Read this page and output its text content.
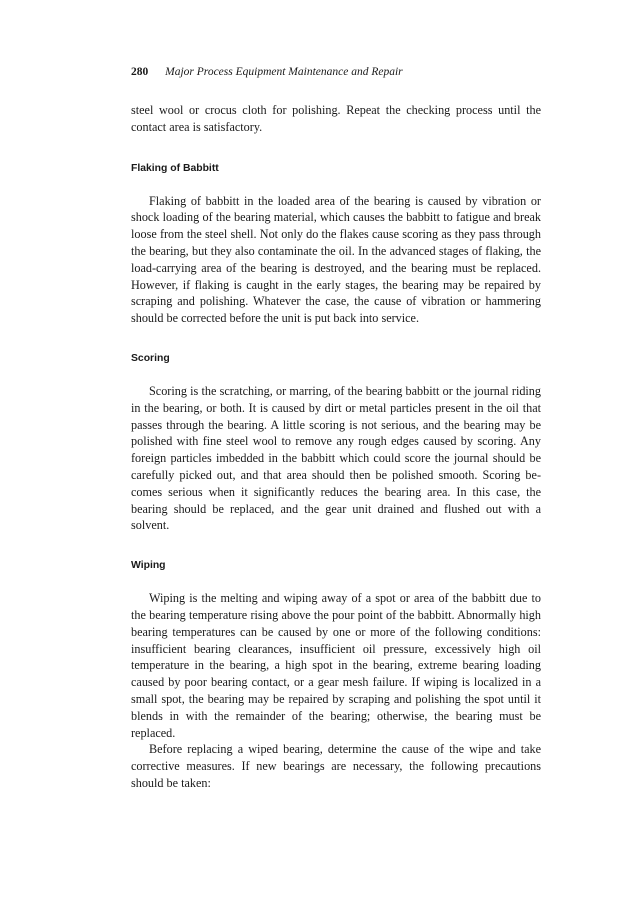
280 Major Process Equipment Maintenance and Repair

steel wool or crocus cloth for polishing. Repeat the checking process until the contact area is satisfactory.

Flaking of Babbitt

Flaking of babbitt in the loaded area of the bearing is caused by vibration or shock loading of the bearing material, which causes the babbitt to fatigue and break loose from the steel shell. Not only do the flakes cause scoring as they pass through the bearing, but they also contaminate the oil. In the advanced stages of flaking, the load-carrying area of the bearing is destroyed, and the bearing must be replaced. However, if flaking is caught in the early stages, the bearing may be repaired by scraping and polishing. Whatever the case, the cause of vibration or hammering should be corrected before the unit is put back into service.

Scoring

Scoring is the scratching, or marring, of the bearing babbitt or the journal riding in the bearing, or both. It is caused by dirt or metal particles present in the oil that passes through the bearing. A little scoring is not serious, and the bearing may be polished with fine steel wool to remove any rough edges caused by scoring. Any foreign particles imbedded in the babbitt which could score the journal should be carefully picked out, and that area should then be polished smooth. Scoring becomes serious when it significantly reduces the bearing area. In this case, the bearing should be replaced, and the gear unit drained and flushed out with a solvent.

Wiping

Wiping is the melting and wiping away of a spot or area of the babbitt due to the bearing temperature rising above the pour point of the babbitt. Abnormally high bearing temperatures can be caused by one or more of the following conditions: insufficient bearing clearances, insufficient oil pressure, excessively high oil temperature in the bearing, a high spot in the bearing, extreme bearing loading caused by poor bearing contact, or a gear mesh failure. If wiping is localized in a small spot, the bearing may be repaired by scraping and polishing the spot until it blends in with the remainder of the bearing; otherwise, the bearing must be replaced.

Before replacing a wiped bearing, determine the cause of the wipe and take corrective measures. If new bearings are necessary, the following precautions should be taken:
